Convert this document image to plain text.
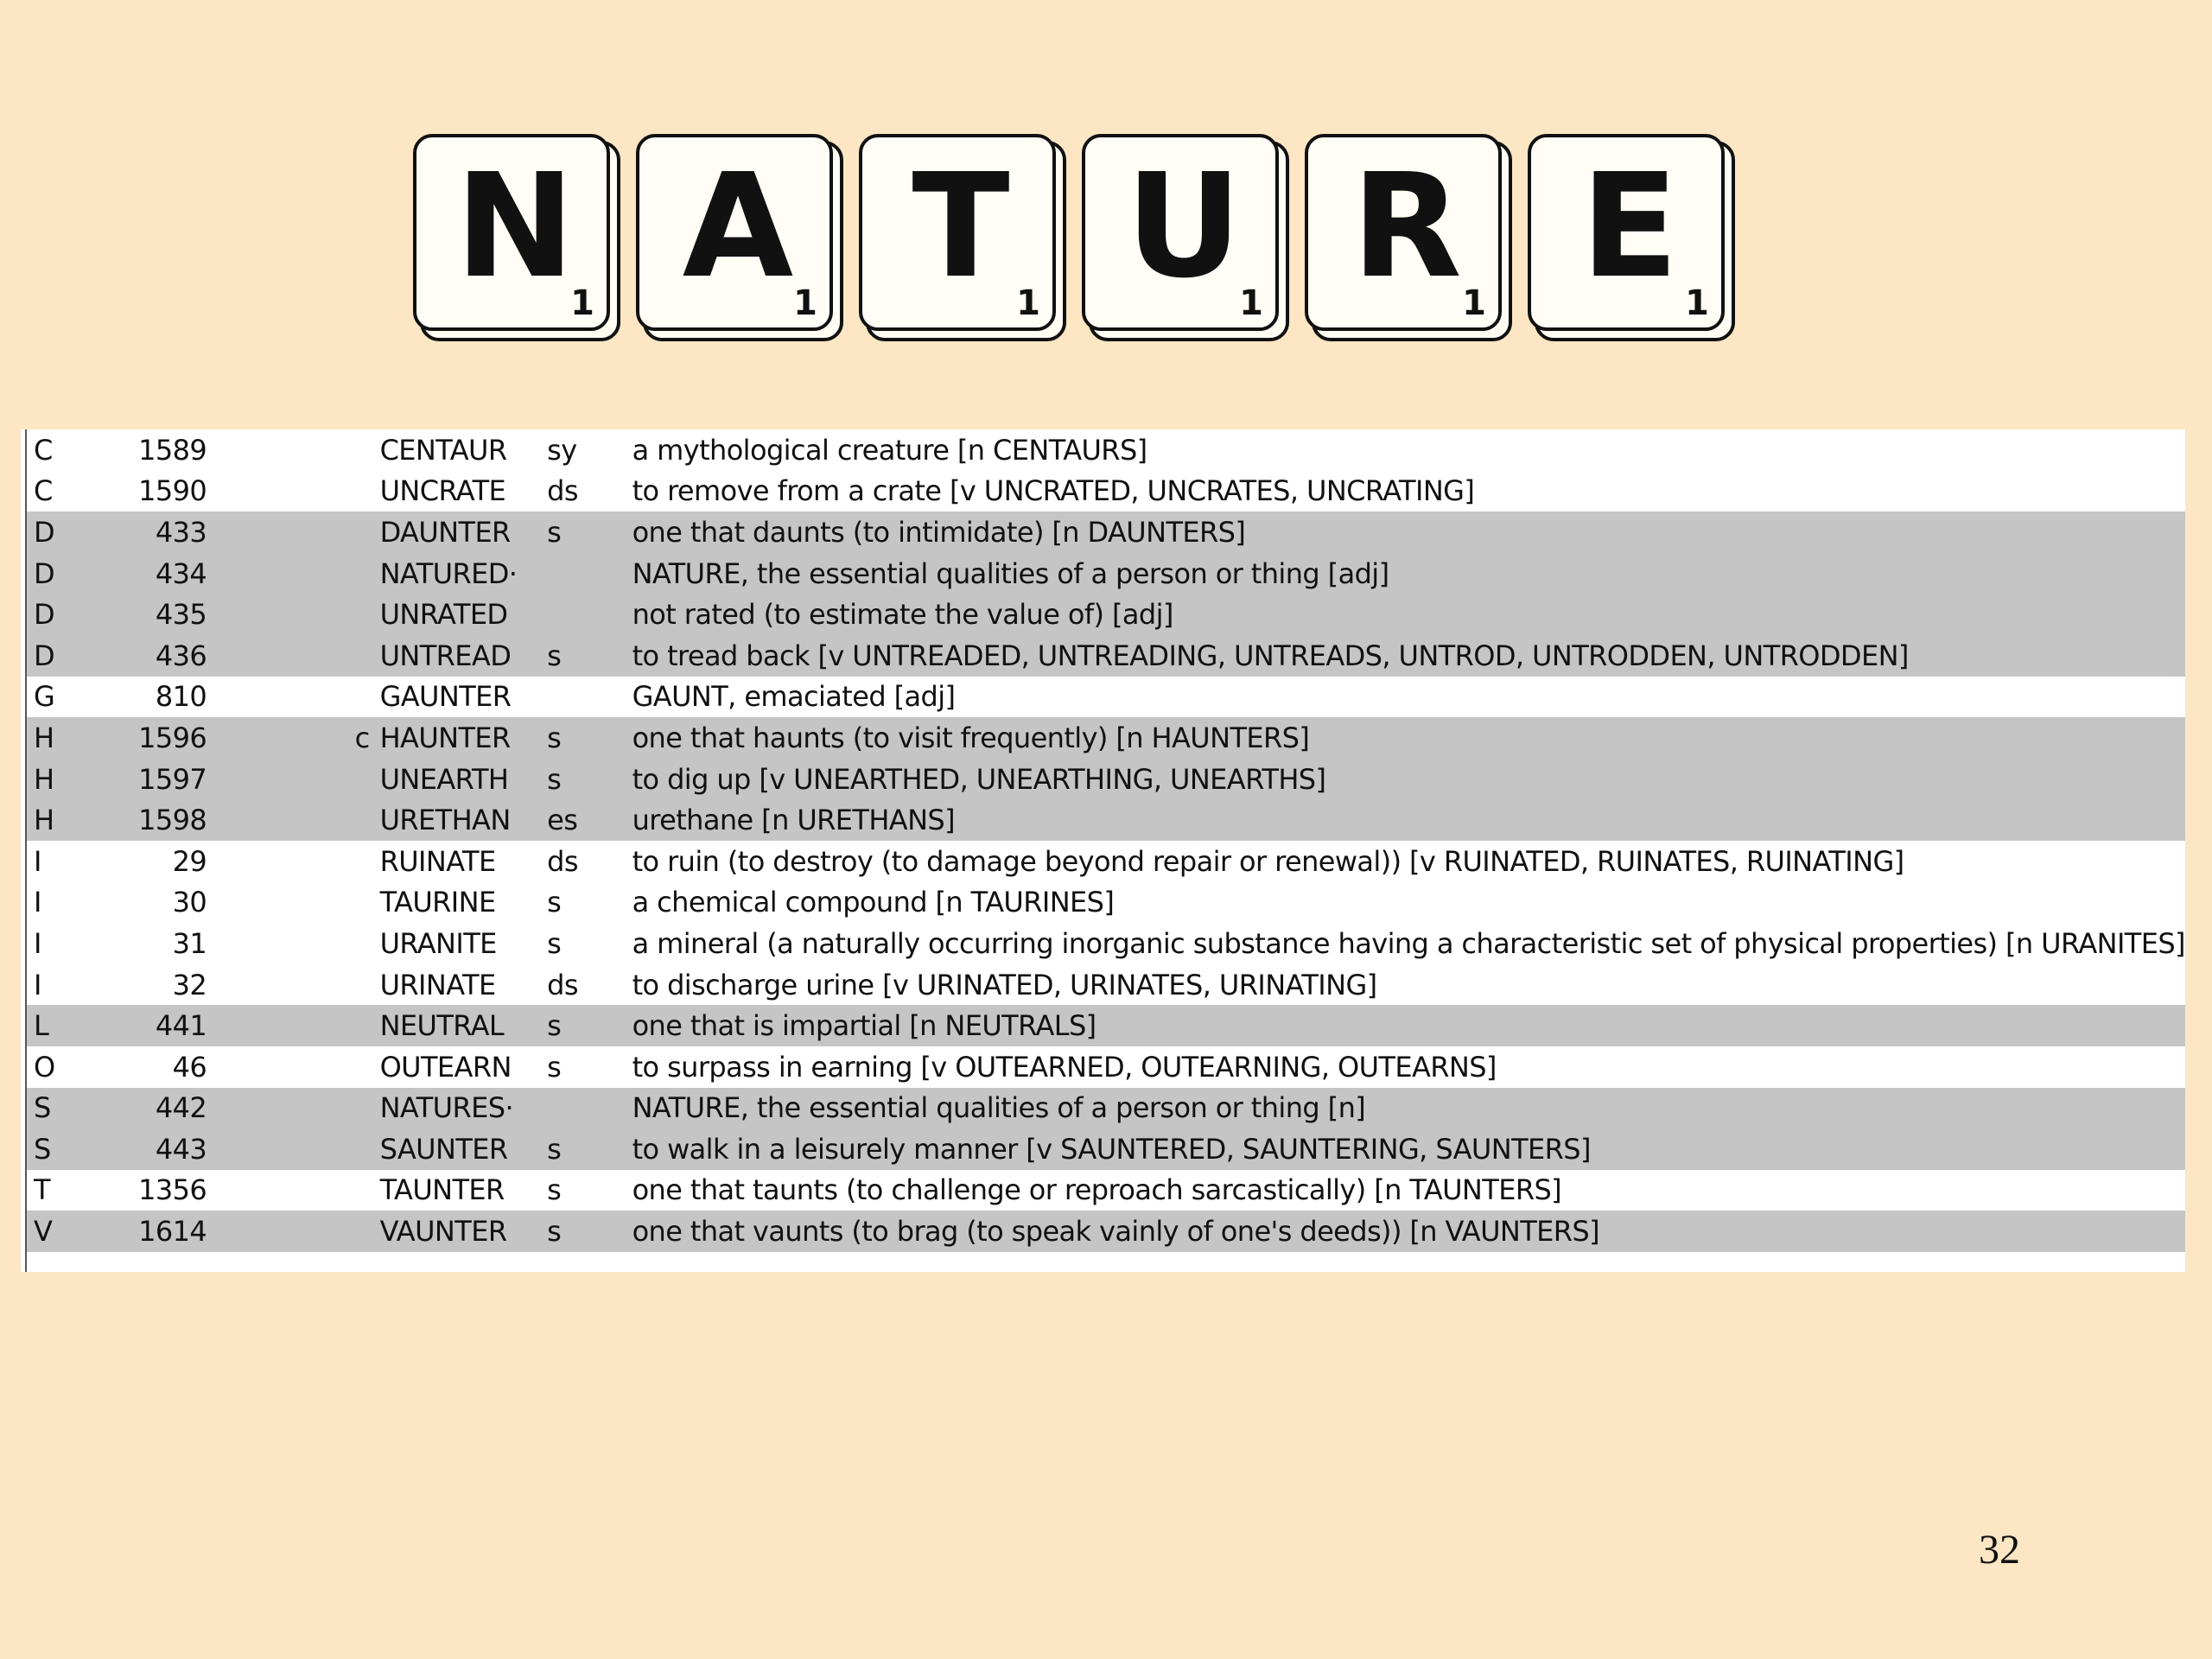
N
1 A 1 T 1 U
1 R 1 E 1
C	1589		CENTAUR	sy	a mythological creature [n CENTAURS]
C	1590		UNCRATE	ds	to remove from a crate [v UNCRATED, UNCRATES, UNCRATING]
D	433		DAUNTER	s	one that daunts (to intimidate) [n DAUNTERS]
D	434		NATURED·		NATURE, the essential qualities of a person or thing [adj]
D	435		UNRATED		not rated (to estimate the value of) [adj]
D	436		UNTREAD	s	to tread back [v UNTREADED, UNTREADING, UNTREADS, UNTROD, UNTRODDEN, UNTRODDEN]
G	810		GAUNTER		GAUNT, emaciated [adj]
H	1596	c	HAUNTER	s	one that haunts (to visit frequently) [n HAUNTERS]
H	1597		UNEARTH	s	to dig up [v UNEARTHED, UNEARTHING, UNEARTHS]
H	1598		URETHAN	es	urethane [n URETHANS]
I	29		RUINATE	ds	to ruin (to destroy (to damage beyond repair or renewal)) [v RUINATED, RUINATES, RUINATING]
I	30		TAURINE	s	a chemical compound [n TAURINES]
I	31		URANITE	s	a mineral (a naturally occurring inorganic substance having a characteristic set of physical properties) [n URANITES]
I	32		URINATE	ds	to discharge urine [v URINATED, URINATES, URINATING]
L	441		NEUTRAL	s	one that is impartial [n NEUTRALS]
O	46		OUTEARN	s	to surpass in earning [v OUTEARNED, OUTEARNING, OUTEARNS]
S	442		NATURES·		NATURE, the essential qualities of a person or thing [n]
S	443		SAUNTER	s	to walk in a leisurely manner [v SAUNTERED, SAUNTERING, SAUNTERS]
T	1356		TAUNTER	s	one that taunts (to challenge or reproach sarcastically) [n TAUNTERS]
V	1614		VAUNTER	s	one that vaunts (to brag (to speak vainly of one's deeds)) [n VAUNTERS]
32
